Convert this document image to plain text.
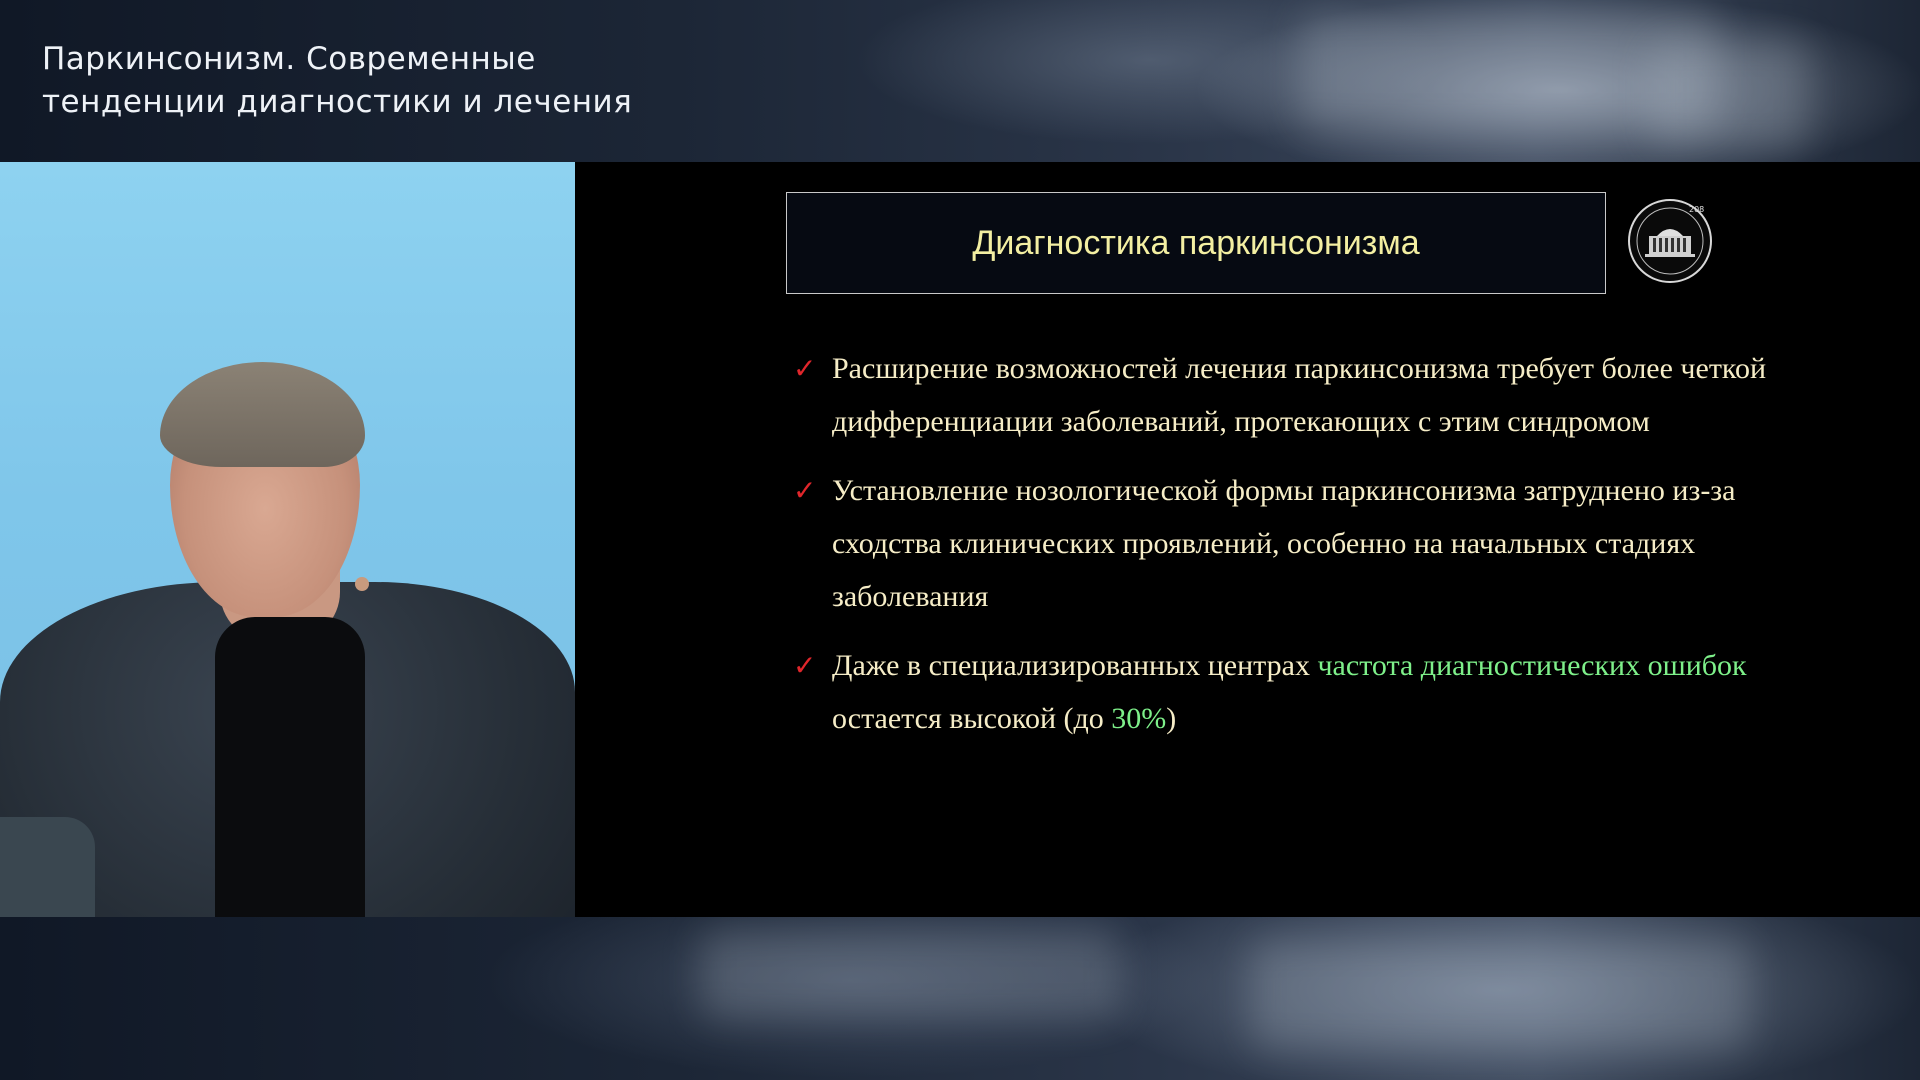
Паркинсонизм. Современные
тенденции диагностики и лечения
Диагностика паркинсонизма
208
✓ Расширение возможностей лечения паркинсонизма требует более четкой дифференциации заболеваний, протекающих с этим синдромом
✓ Установление нозологической формы паркинсонизма затруднено из-за сходства клинических проявлений, особенно на начальных стадиях заболевания
✓ Даже в специализированных центрах частота диагностических ошибок остается высокой (до 30%)
